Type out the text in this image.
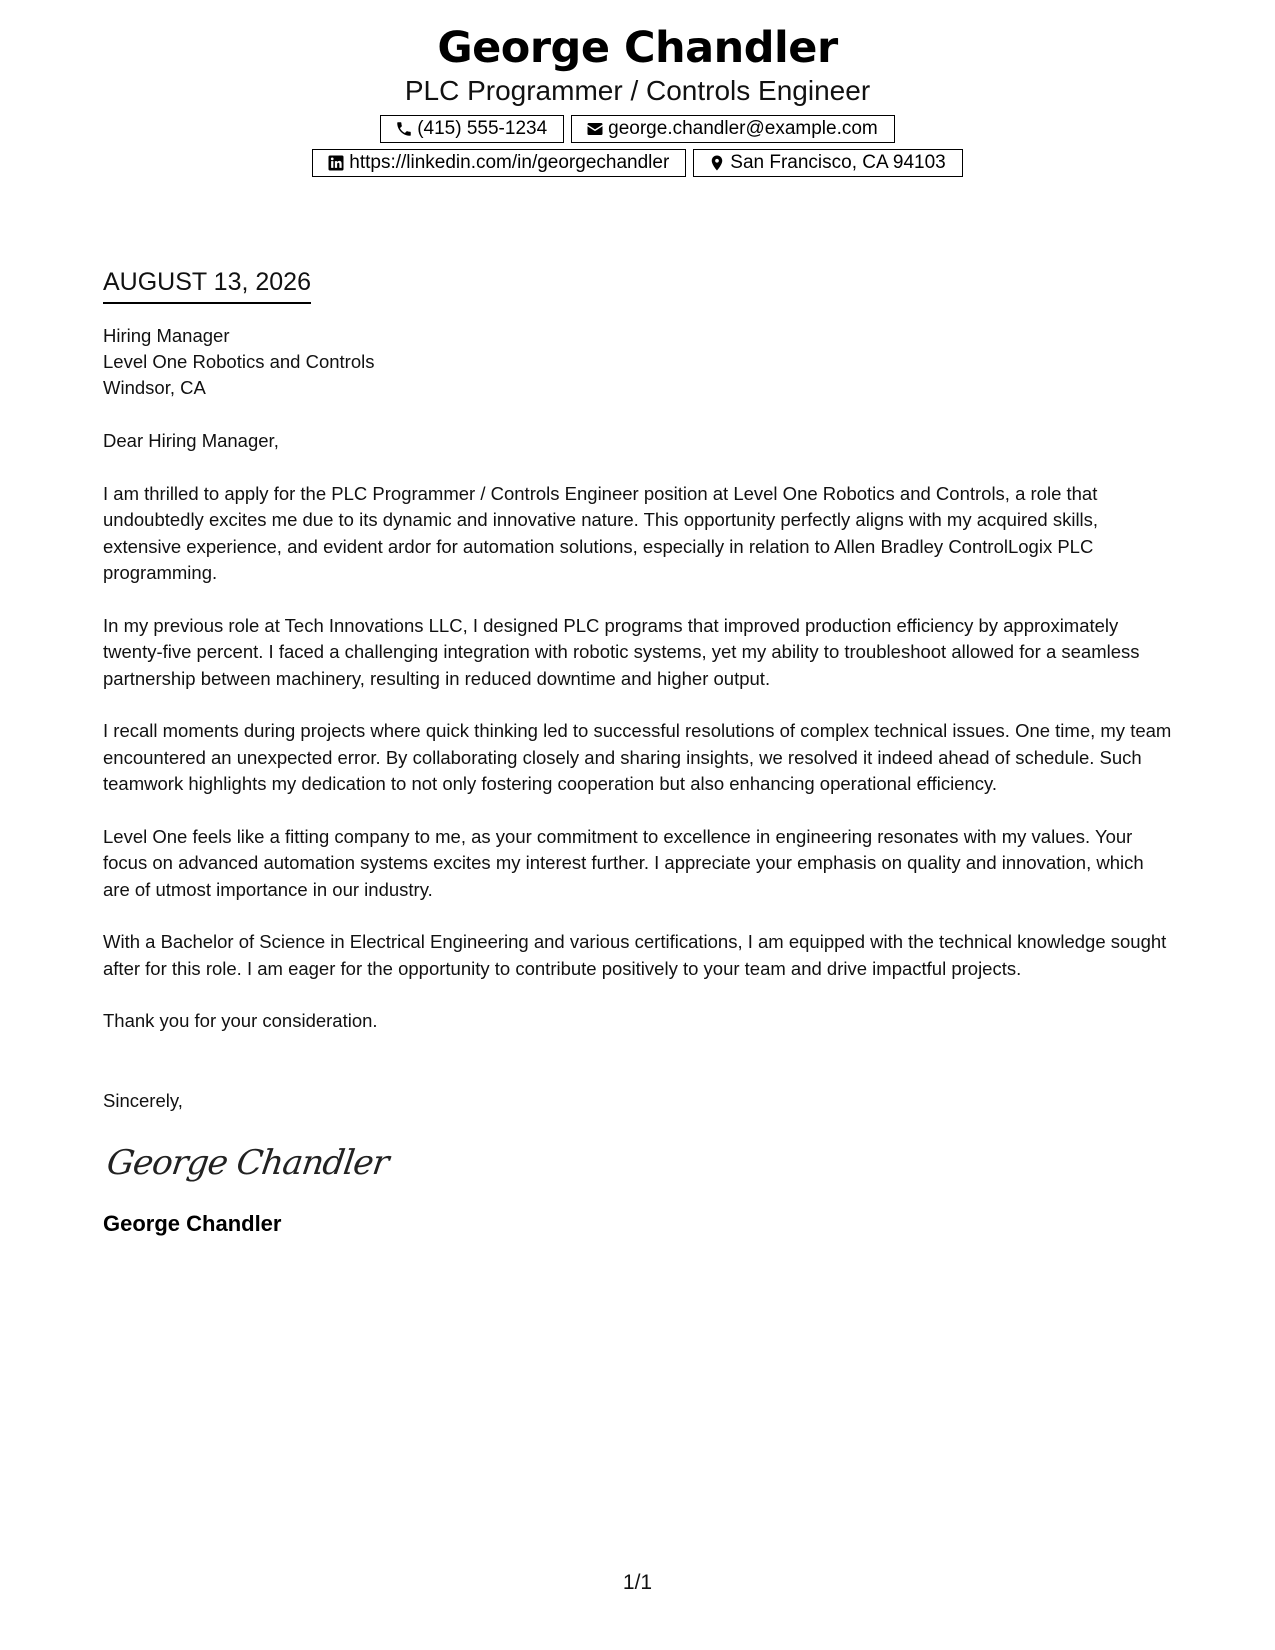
George Chandler
PLC Programmer / Controls Engineer
(415) 555-1234	george.chandler@example.com
https://linkedin.com/in/georgechandler	San Francisco, CA 94103
AUGUST 13, 2026
Hiring Manager
Level One Robotics and Controls
Windsor, CA
Dear Hiring Manager,
I am thrilled to apply for the PLC Programmer / Controls Engineer position at Level One Robotics and Controls, a role that undoubtedly excites me due to its dynamic and innovative nature. This opportunity perfectly aligns with my acquired skills, extensive experience, and evident ardor for automation solutions, especially in relation to Allen Bradley ControlLogix PLC programming.
In my previous role at Tech Innovations LLC, I designed PLC programs that improved production efficiency by approximately twenty-five percent. I faced a challenging integration with robotic systems, yet my ability to troubleshoot allowed for a seamless partnership between machinery, resulting in reduced downtime and higher output.
I recall moments during projects where quick thinking led to successful resolutions of complex technical issues. One time, my team encountered an unexpected error. By collaborating closely and sharing insights, we resolved it indeed ahead of schedule. Such teamwork highlights my dedication to not only fostering cooperation but also enhancing operational efficiency.
Level One feels like a fitting company to me, as your commitment to excellence in engineering resonates with my values. Your focus on advanced automation systems excites my interest further. I appreciate your emphasis on quality and innovation, which are of utmost importance in our industry.
With a Bachelor of Science in Electrical Engineering and various certifications, I am equipped with the technical knowledge sought after for this role. I am eager for the opportunity to contribute positively to your team and drive impactful projects.
Thank you for your consideration.
Sincerely,
George Chandler
George Chandler
1/1
